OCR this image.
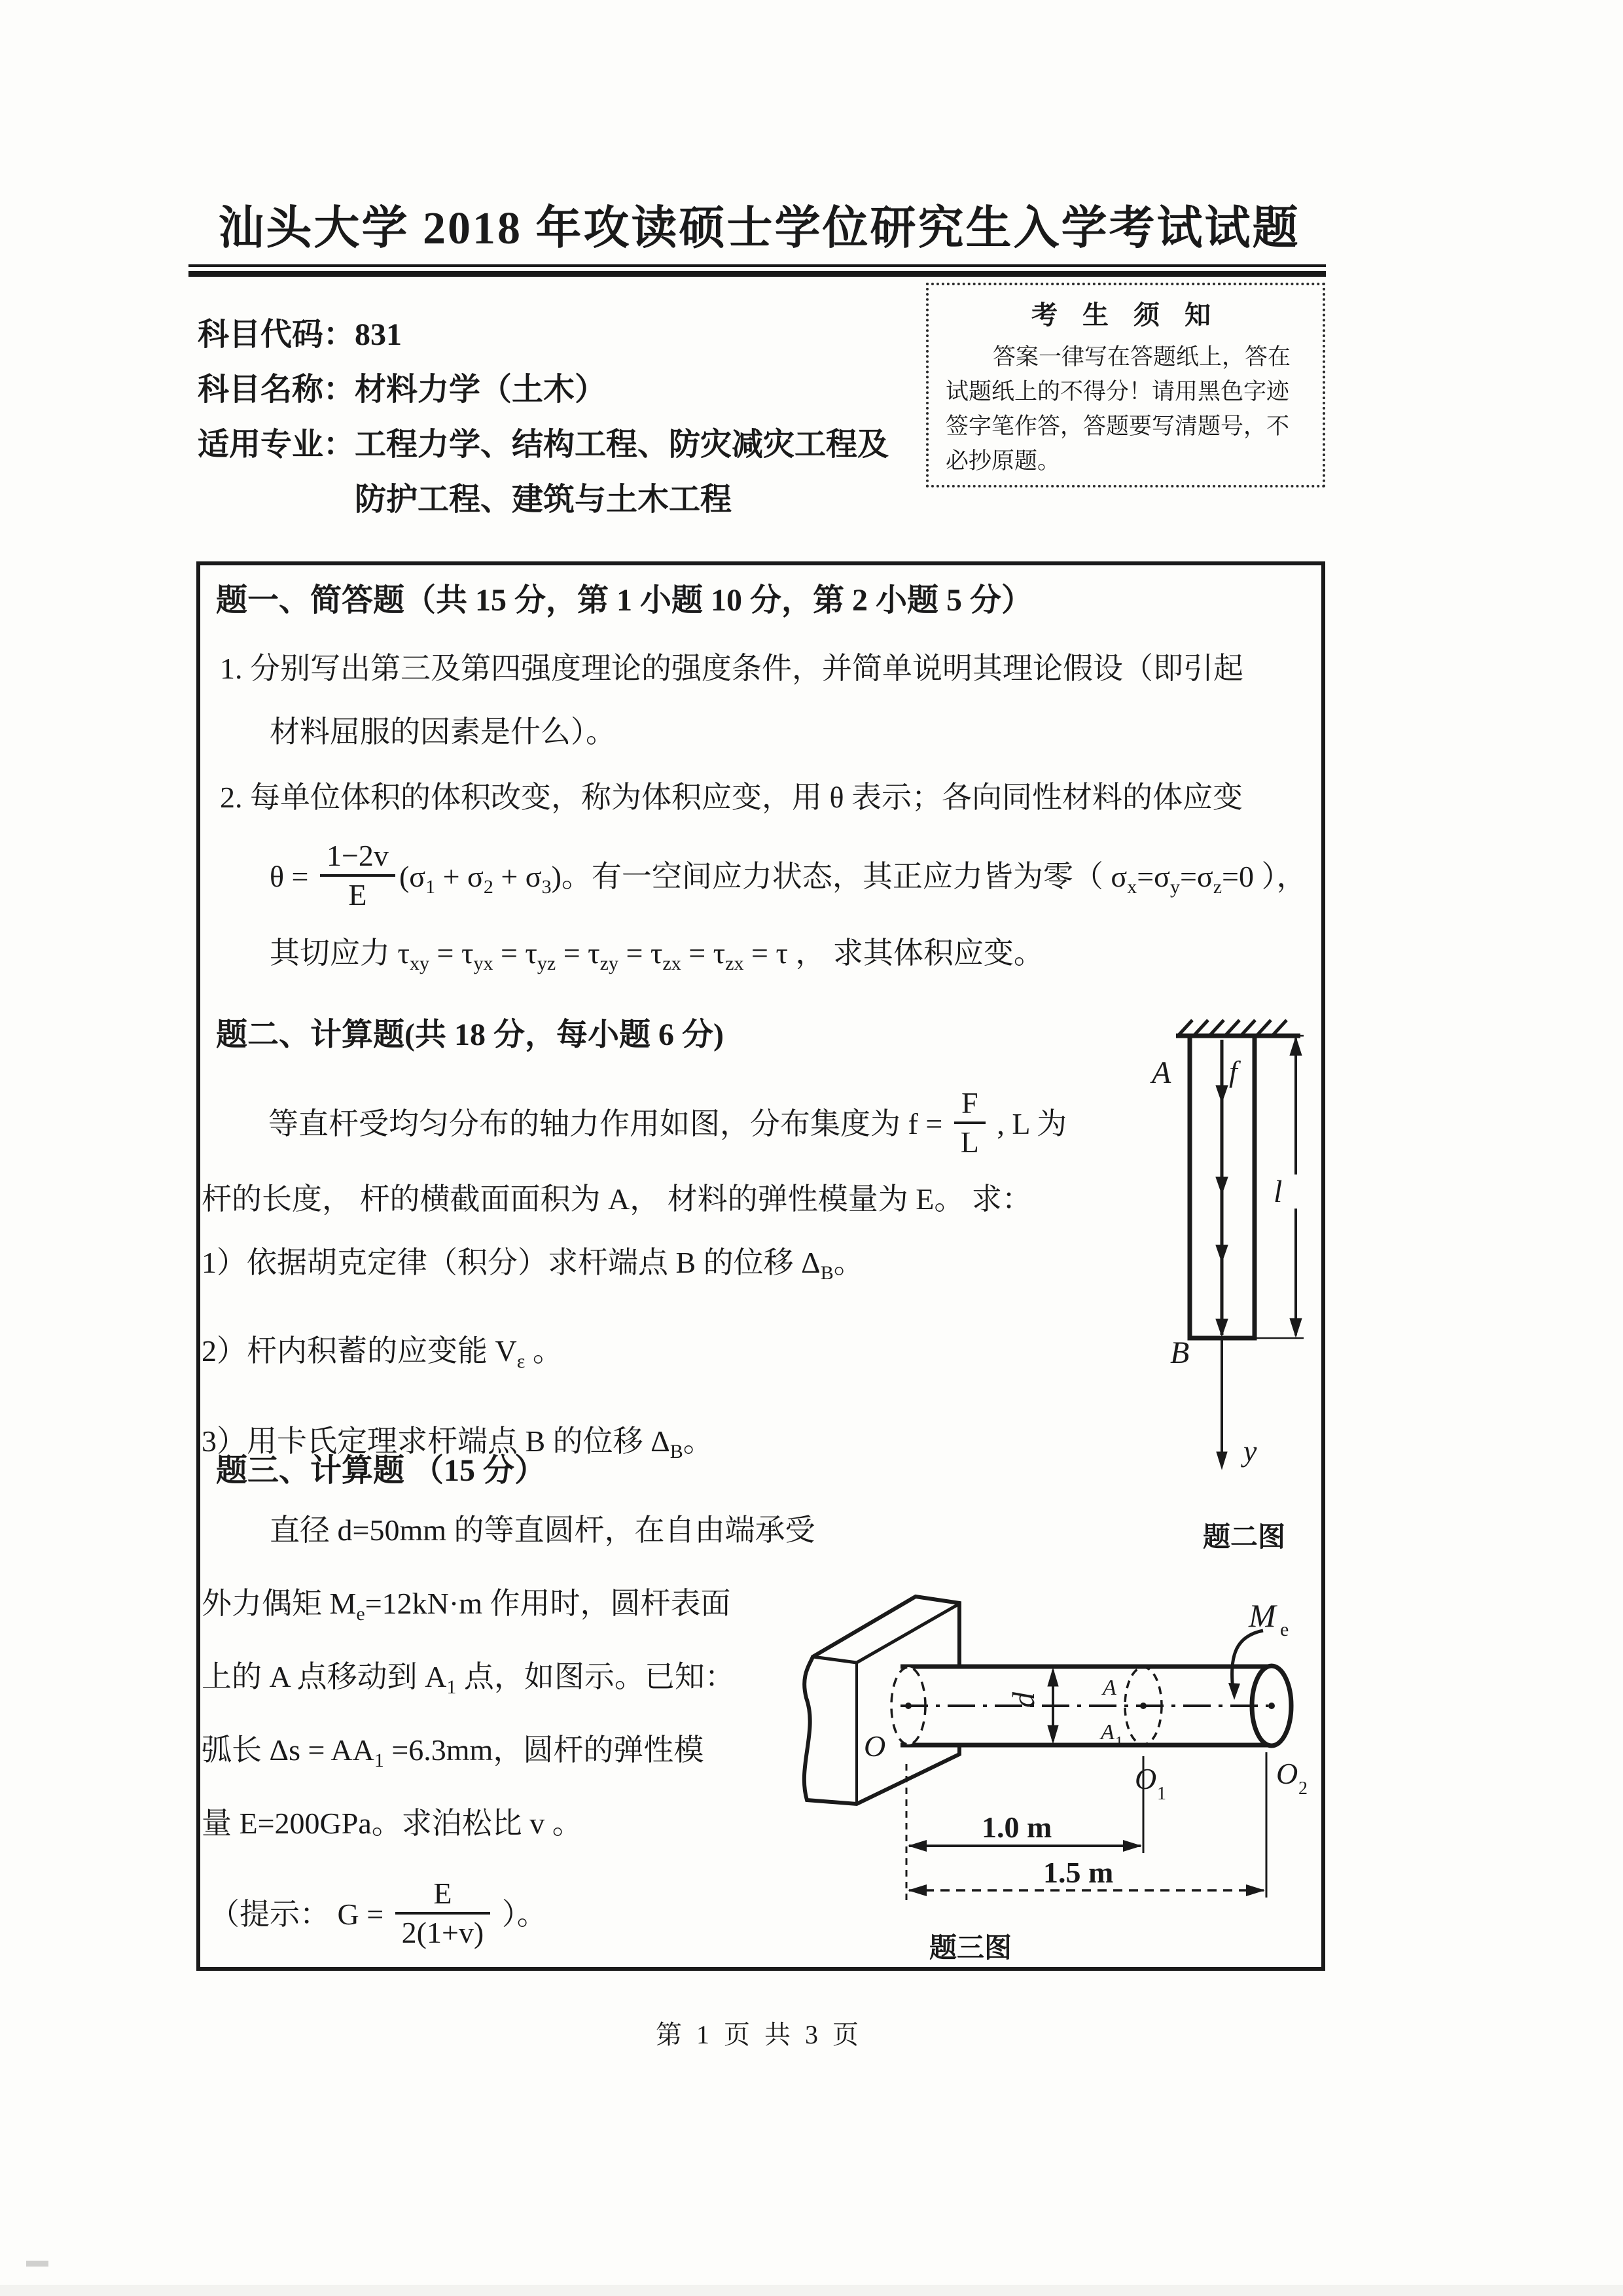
汕头大学 2018 年攻读硕士学位研究生入学考试试题
科目代码：831
科目名称：材料力学（土木）
适用专业：工程力学、结构工程、防灾减灾工程及
防护工程、建筑与土木工程
考 生 须 知
答案一律写在答题纸上，答在
试题纸上的不得分！请用黑色字迹
签字笔作答，答题要写清题号，不
必抄原题。
题一、简答题（共 15 分，第 1 小题 10 分，第 2 小题 5 分）
1. 分别写出第三及第四强度理论的强度条件，并简单说明其理论假设（即引起
材料屈服的因素是什么）。
2. 每单位体积的体积改变，称为体积应变，用 θ 表示；各向同性材料的体应变
$\theta = \frac{1-2v}{E} (\sigma_1 + \sigma_2 + \sigma_3)$。有一空间应力状态，其正应力皆为零（ $\sigma_x=\sigma_y=\sigma_z=0$ ），
其切应力 $\tau_{xy} = \tau_{yx} = \tau_{yz} = \tau_{zy} = \tau_{zx} = \tau_{zx} = \tau$ ， 求其体积应变。
题二、计算题(共 18 分，每小题 6 分)
等直杆受均匀分布的轴力作用如图，分布集度为 $f = \frac{F}{L}$ , L 为
杆的长度， 杆的横截面面积为 A， 材料的弹性模量为 E。 求：
1）依据胡克定律（积分）求杆端点 B 的位移 $\Delta_B$。
2）杆内积蓄的应变能 $V_\varepsilon$ 。
3）用卡氏定理求杆端点 B 的位移 $\Delta_B$。
A f
B
l
y
题二图
题三、计算题 （15 分）
直径 d=50mm 的等直圆杆，在自由端承受
外力偶矩 $M_e=12kN\cdot m$ 作用时，圆杆表面
上的 A 点移动到 $A_1$ 点，如图示。已知：
弧长 $\Delta s = AA_1 =6.3mm$，圆杆的弹性模
量 E=200GPa。求泊松比 v 。
（提示： $G = \frac{E}{2(1+v)}$ ）。
d	A
A 1
O
O 1
O 2
M e
1.0 m
1.5 m
题三图
第 1 页 共 3 页
